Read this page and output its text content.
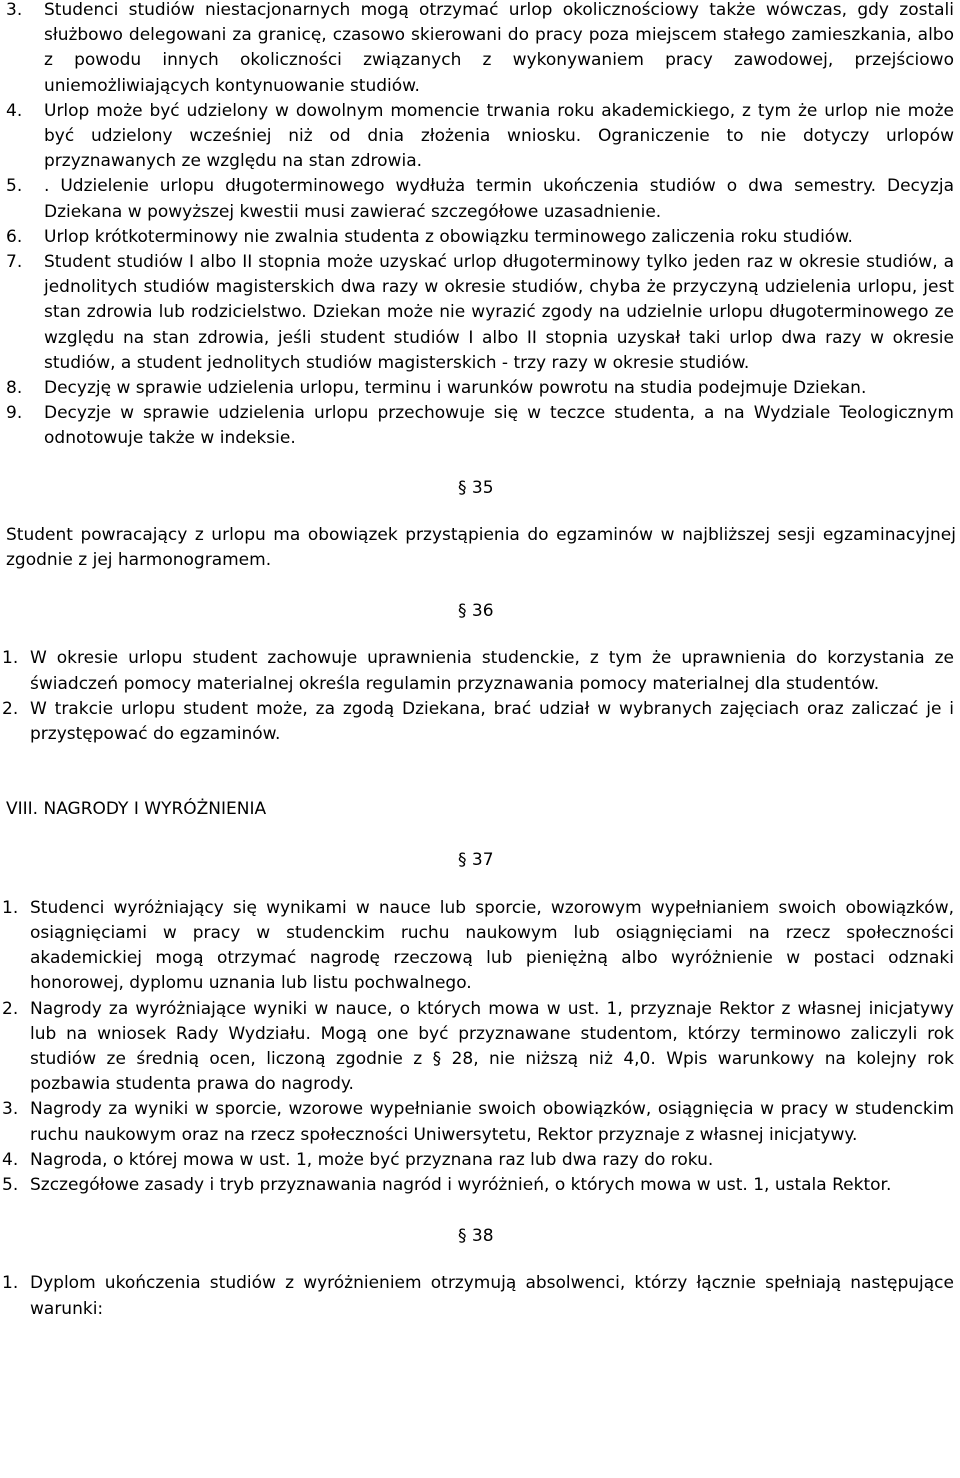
3. Studenci studiów niestacjonarnych mogą otrzymać urlop okolicznościowy także wówczas, gdy zostali służbowo delegowani za granicę, czasowo skierowani do pracy poza miejscem stałego zamieszkania, albo z powodu innych okoliczności związanych z wykonywaniem pracy zawodowej, przejściowo uniemożliwiających kontynuowanie studiów.
4. Urlop może być udzielony w dowolnym momencie trwania roku akademickiego, z tym że urlop nie może być udzielony wcześniej niż od dnia złożenia wniosku. Ograniczenie to nie dotyczy urlopów przyznawanych ze względu na stan zdrowia.
5. . Udzielenie urlopu długoterminowego wydłuża termin ukończenia studiów o dwa semestry. Decyzja Dziekana w powyższej kwestii musi zawierać szczegółowe uzasadnienie.
6. Urlop krótkoterminowy nie zwalnia studenta z obowiązku terminowego zaliczenia roku studiów.
7. Student studiów I albo II stopnia może uzyskać urlop długoterminowy tylko jeden raz w okresie studiów, a jednolitych studiów magisterskich dwa razy w okresie studiów, chyba że przyczyną udzielenia urlopu, jest stan zdrowia lub rodzicielstwo. Dziekan może nie wyrazić zgody na udzielnie urlopu długoterminowego ze względu na stan zdrowia, jeśli student studiów I albo II stopnia uzyskał taki urlop dwa razy w okresie studiów, a student jednolitych studiów magisterskich - trzy razy w okresie studiów.
8. Decyzję w sprawie udzielenia urlopu, terminu i warunków powrotu na studia podejmuje Dziekan.
9. Decyzje w sprawie udzielenia urlopu przechowuje się w teczce studenta, a na Wydziale Teologicznym odnotowuje także w indeksie.

§ 35

Student powracający z urlopu ma obowiązek przystąpienia do egzaminów w najbliższej sesji egzaminacyjnej zgodnie z jej harmonogramem.

§ 36

1. W okresie urlopu student zachowuje uprawnienia studenckie, z tym że uprawnienia do korzystania ze świadczeń pomocy materialnej określa regulamin przyznawania pomocy materialnej dla studentów.
2. W trakcie urlopu student może, za zgodą Dziekana, brać udział w wybranych zajęciach oraz zaliczać je i przystępować do egzaminów.

VIII. NAGRODY I WYRÓŻNIENIA

§ 37

1. Studenci wyróżniający się wynikami w nauce lub sporcie, wzorowym wypełnianiem swoich obowiązków, osiągnięciami w pracy w studenckim ruchu naukowym lub osiągnięciami na rzecz społeczności akademickiej mogą otrzymać nagrodę rzeczową lub pieniężną albo wyróżnienie w postaci odznaki honorowej, dyplomu uznania lub listu pochwalnego.
2. Nagrody za wyróżniające wyniki w nauce, o których mowa w ust. 1, przyznaje Rektor z własnej inicjatywy lub na wniosek Rady Wydziału. Mogą one być przyznawane studentom, którzy terminowo zaliczyli rok studiów ze średnią ocen, liczoną zgodnie z § 28, nie niższą niż 4,0. Wpis warunkowy na kolejny rok pozbawia studenta prawa do nagrody.
3. Nagrody za wyniki w sporcie, wzorowe wypełnianie swoich obowiązków, osiągnięcia w pracy w studenckim ruchu naukowym oraz na rzecz społeczności Uniwersytetu, Rektor przyznaje z własnej inicjatywy.
4. Nagroda, o której mowa w ust. 1, może być przyznana raz lub dwa razy do roku.
5. Szczegółowe zasady i tryb przyznawania nagród i wyróżnień, o których mowa w ust. 1, ustala Rektor.

§ 38

1. Dyplom ukończenia studiów z wyróżnieniem otrzymują absolwenci, którzy łącznie spełniają następujące warunki:
